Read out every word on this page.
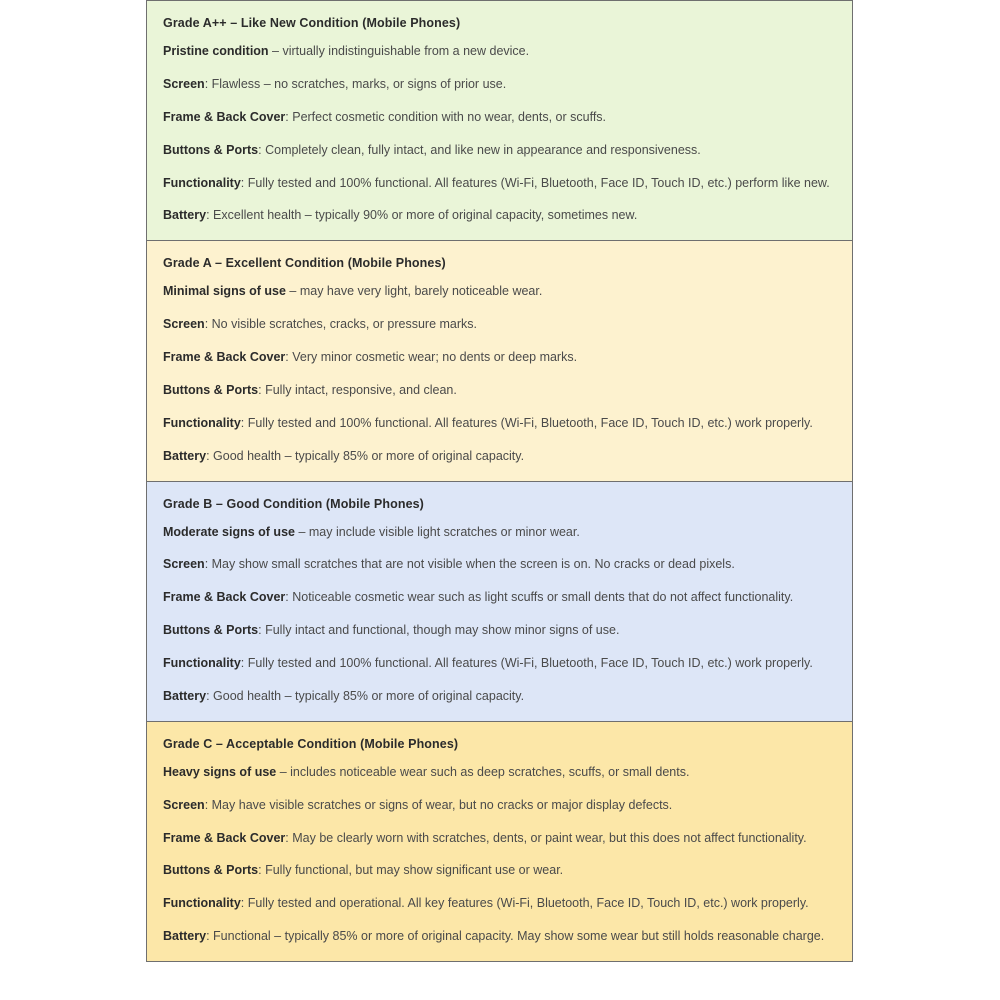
Grade A++ – Like New Condition (Mobile Phones)

Pristine condition – virtually indistinguishable from a new device.

Screen: Flawless – no scratches, marks, or signs of prior use.

Frame & Back Cover: Perfect cosmetic condition with no wear, dents, or scuffs.

Buttons & Ports: Completely clean, fully intact, and like new in appearance and responsiveness.

Functionality: Fully tested and 100% functional. All features (Wi-Fi, Bluetooth, Face ID, Touch ID, etc.) perform like new.

Battery: Excellent health – typically 90% or more of original capacity, sometimes new.

Grade A – Excellent Condition (Mobile Phones)

Minimal signs of use – may have very light, barely noticeable wear.

Screen: No visible scratches, cracks, or pressure marks.

Frame & Back Cover: Very minor cosmetic wear; no dents or deep marks.

Buttons & Ports: Fully intact, responsive, and clean.

Functionality: Fully tested and 100% functional. All features (Wi-Fi, Bluetooth, Face ID, Touch ID, etc.) work properly.

Battery: Good health – typically 85% or more of original capacity.

Grade B – Good Condition (Mobile Phones)

Moderate signs of use – may include visible light scratches or minor wear.

Screen: May show small scratches that are not visible when the screen is on. No cracks or dead pixels.

Frame & Back Cover: Noticeable cosmetic wear such as light scuffs or small dents that do not affect functionality.

Buttons & Ports: Fully intact and functional, though may show minor signs of use.

Functionality: Fully tested and 100% functional. All features (Wi-Fi, Bluetooth, Face ID, Touch ID, etc.) work properly.

Battery: Good health – typically 85% or more of original capacity.

Grade C – Acceptable Condition (Mobile Phones)

Heavy signs of use – includes noticeable wear such as deep scratches, scuffs, or small dents.

Screen: May have visible scratches or signs of wear, but no cracks or major display defects.

Frame & Back Cover: May be clearly worn with scratches, dents, or paint wear, but this does not affect functionality.

Buttons & Ports: Fully functional, but may show significant use or wear.

Functionality: Fully tested and operational. All key features (Wi-Fi, Bluetooth, Face ID, Touch ID, etc.) work properly.

Battery: Functional – typically 85% or more of original capacity. May show some wear but still holds reasonable charge.
